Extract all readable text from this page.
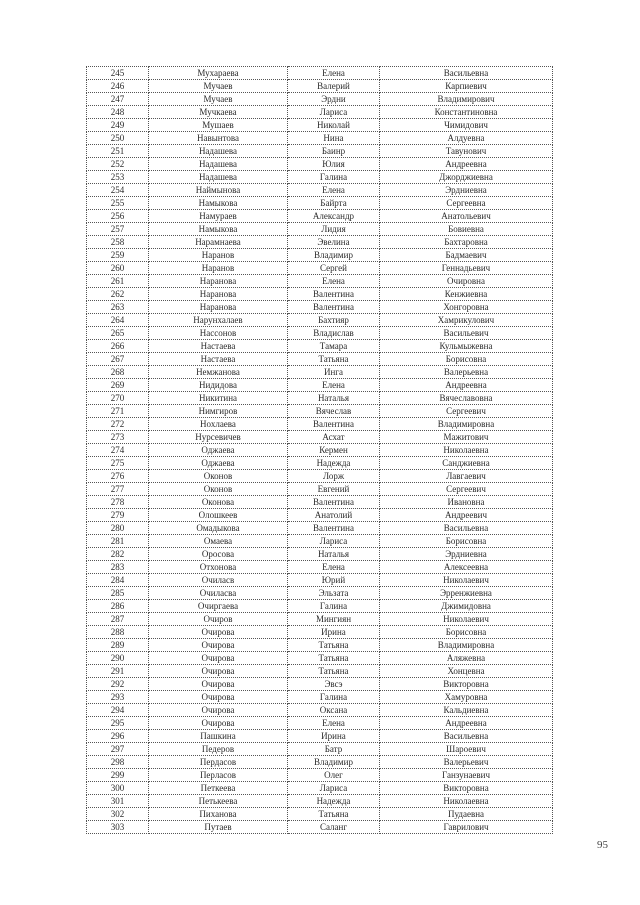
245	Мухараева	Елена	Васильевна
246	Мучаев	Валерий	Карпиевич
247	Мучаев	Эрдни	Владимирович
248	Мучкаева	Лариса	Константиновна
249	Мушаев	Николай	Чимидович
250	Навынтова	Нина	Алдуевна
251	Надашева	Баинр	Тавунович
252	Надашева	Юлия	Андреевна
253	Надашева	Галина	Джорджиевна
254	Наймынова	Елена	Эрдниевна
255	Намыкова	Байрта	Сергеевна
256	Намураев	Александр	Анатольевич
257	Намыкова	Лидия	Бовиевна
258	Нарамнаева	Эвелина	Бахтаровна
259	Наранов	Владимир	Бадмаевич
260	Наранов	Сергей	Геннадьевич
261	Наранова	Елена	Очировна
262	Наранова	Валентина	Кенжиевна
263	Наранова	Валентина	Хонгоровна
264	Нарунхалаев	Бахтияр	Хамрикулович
265	Нассонов	Владислав	Васильевич
266	Настаева	Тамара	Кульмыжевна
267	Настаева	Татьяна	Борисовна
268	Немжанова	Инга	Валерьевна
269	Нидидова	Елена	Андреевна
270	Никитина	Наталья	Вячеславовна
271	Нимгиров	Вячеслав	Сергеевич
272	Нохлаева	Валентина	Владимировна
273	Нурсевичев	Асхат	Мажитович
274	Оджаева	Кермен	Николаевна
275	Оджаева	Надежда	Санджиевна
276	Оконов	Лорж	Лавгаевич
277	Оконов	Евгений	Сергеевич
278	Оконова	Валентина	Ивановна
279	Олошкеев	Анатолий	Андреевич
280	Омадыкова	Валентина	Васильевна
281	Омаева	Лариса	Борисовна
282	Оросова	Наталья	Эрдниевна
283	Отхонова	Елена	Алексеевна
284	Очиласв	Юрий	Николаевич
285	Очиласва	Эльзата	Эрренжиевна
286	Очиргаева	Галина	Джимидовна
287	Очиров	Мингиян	Николаевич
288	Очирова	Ирина	Борисовна
289	Очирова	Татьяна	Владимировна
290	Очирова	Татьяна	Аляжевна
291	Очирова	Татьяна	Хонцевна
292	Очирова	Эвсэ	Викторовна
293	Очирова	Галина	Хамуровна
294	Очирова	Оксана	Кальдиевна
295	Очирова	Елена	Андреевна
296	Пашкина	Ирина	Васильевна
297	Педеров	Батр	Шароевич
298	Пердасов	Владимир	Валерьевич
299	Перласов	Олег	Ганзунаевич
300	Петкеева	Лариса	Викторовна
301	Петькеева	Надежда	Николаевна
302	Пиханова	Татьяна	Пудаевна
303	Путаев	Саланг	Гаврилович
95
